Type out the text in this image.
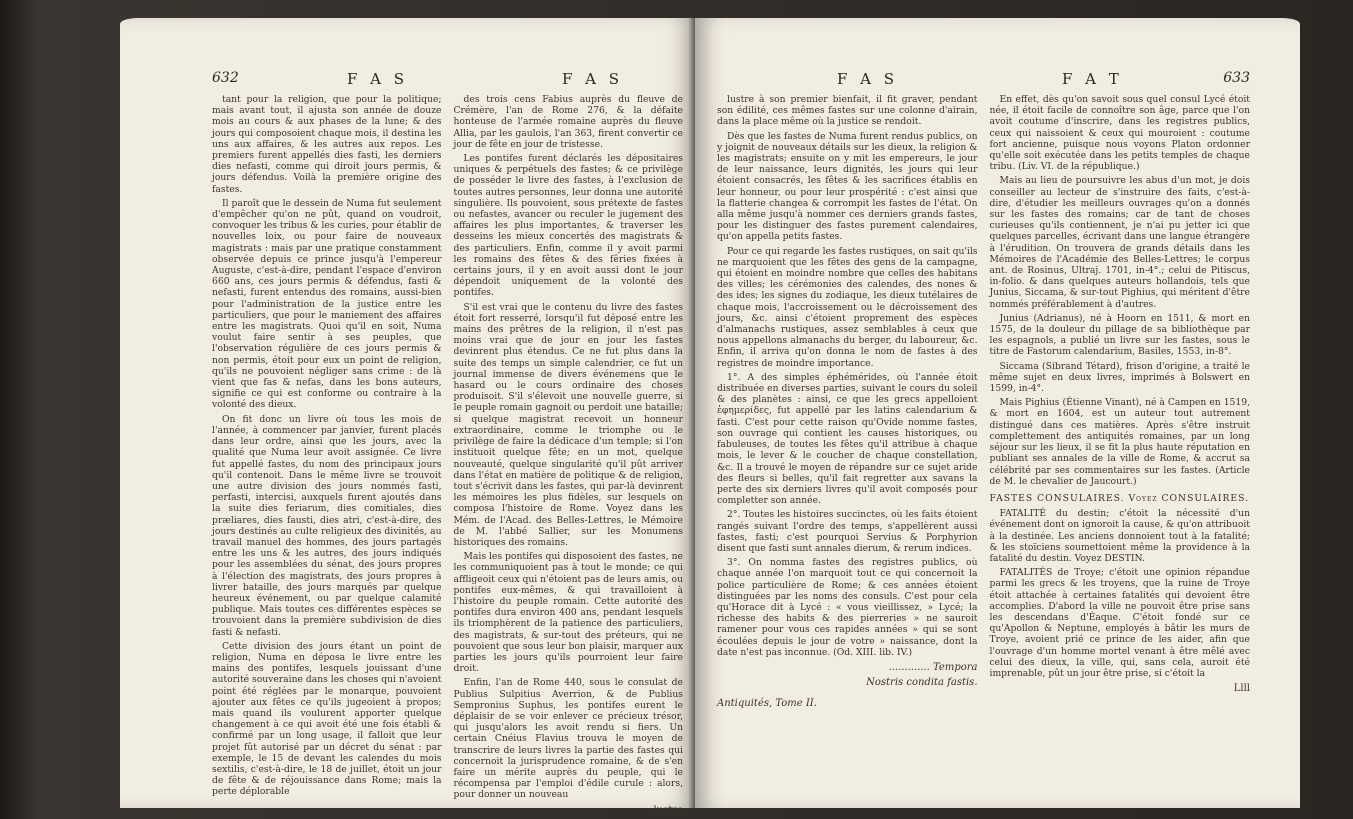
632	F A S	F A S

tant pour la religion, que pour la politique; mais avant tout, il ajusta son année de douze mois au cours & aux phases de la lune; & des jours qui composoient chaque mois, il destina les uns aux affaires, & les autres aux repos. Les premiers furent appellés dies fasti, les derniers dies nefasti, comme qui diroit jours permis, & jours défendus. Voilà la première origine des fastes.

Il paroît que le dessein de Numa fut seulement d'empêcher qu'on ne pût, quand on voudroit, convoquer les tribus & les curies, pour établir de nouvelles loix, ou pour faire de nouveaux magistrats : mais par une pratique constamment observée depuis ce prince jusqu'à l'empereur Auguste, c'est-à-dire, pendant l'espace d'environ 660 ans, ces jours permis & défendus, fasti & nefasti, furent entendus des romains, aussi-bien pour l'administration de la justice entre les particuliers, que pour le maniement des affaires entre les magistrats. Quoi qu'il en soit, Numa voulut faire sentir à ses peuples, que l'observation régulière de ces jours permis & non permis, étoit pour eux un point de religion, qu'ils ne pouvoient négliger sans crime : de là vient que fas & nefas, dans les bons auteurs, signifie ce qui est conforme ou contraire à la volonté des dieux.

On fit donc un livre où tous les mois de l'année, à commencer par janvier, furent placés dans leur ordre, ainsi que les jours, avec la qualité que Numa leur avoit assignée. Ce livre fut appellé fastes, du nom des principaux jours qu'il contenoit. Dans le même livre se trouvoit une autre division des jours nommés fasti, perfasti, intercisi, auxquels furent ajoutés dans la suite dies feriarum, dies comitiales, dies præliares, dies fausti, dies atri, c'est-à-dire, des jours destinés au culte religieux des divinités, au travail manuel des hommes, des jours partagés entre les uns & les autres, des jours indiqués pour les assemblées du sénat, des jours propres à l'élection des magistrats, des jours propres à livrer bataille, des jours marqués par quelque heureux événement, ou par quelque calamité publique. Mais toutes ces différentes espèces se trouvoient dans la première subdivision de dies fasti & nefasti.

Cette division des jours étant un point de religion, Numa en déposa le livre entre les mains des pontifes, lesquels jouissant d'une autorité souveraine dans les choses qui n'avoient point été réglées par le monarque, pouvoient ajouter aux fêtes ce qu'ils jugeoient à propos; mais quand ils voulurent apporter quelque changement à ce qui avoit été une fois établi & confirmé par un long usage, il falloit que leur projet fût autorisé par un décret du sénat : par exemple, le 15 de devant les calendes du mois sextilis, c'est-à-dire, le 18 de juillet, étoit un jour de fête & de réjouissance dans Rome; mais la perte déplorable

des trois cens Fabius auprès du fleuve de Crémère, l'an de Rome 276, & la défaite honteuse de l'armée romaine auprès du fleuve Allia, par les gaulois, l'an 363, firent convertir ce jour de fête en jour de tristesse.

Les pontifes furent déclarés les dépositaires uniques & perpétuels des fastes; & ce privilège de posséder le livre des fastes, à l'exclusion de toutes autres personnes, leur donna une autorité singulière. Ils pouvoient, sous prétexte de fastes ou nefastes, avancer ou reculer le jugement des affaires les plus importantes, & traverser les desseins les mieux concertés des magistrats & des particuliers. Enfin, comme il y avoit parmi les romains des fêtes & des fêries fixées à certains jours, il y en avoit aussi dont le jour dépendoit uniquement de la volonté des pontifes.

S'il est vrai que le contenu du livre des fastes étoit fort resserré, lorsqu'il fut déposé entre les mains des prêtres de la religion, il n'est pas moins vrai que de jour en jour les fastes devinrent plus étendus. Ce ne fut plus dans la suite des temps un simple calendrier, ce fut un journal immense de divers événemens que le hasard ou le cours ordinaire des choses produisoit. S'il s'élevoit une nouvelle guerre, si le peuple romain gagnoit ou perdoit une bataille; si quelque magistrat recevoit un honneur extraordinaire, comme le triomphe ou le privilège de faire la dédicace d'un temple; si l'on instituoit quelque fête; en un mot, quelque nouveauté, quelque singularité qu'il pût arriver dans l'état en matière de politique & de religion, tout s'écrivit dans les fastes, qui par-là devinrent les mémoires les plus fidèles, sur lesquels on composa l'histoire de Rome. Voyez dans les Mém. de l'Acad. des Belles-Lettres, le Mémoire de M. l'abbé Sallier, sur les Monumens historiques des romains.

Mais les pontifes qui disposoient des fastes, ne les communiquoient pas à tout le monde; ce qui affligeoit ceux qui n'étoient pas de leurs amis, ou pontifes eux-mêmes, & qui travailloient à l'histoire du peuple romain. Cette autorité des pontifes dura environ 400 ans, pendant lesquels ils triomphèrent de la patience des particuliers, des magistrats, & sur-tout des préteurs, qui ne pouvoient que sous leur bon plaisir, marquer aux parties les jours qu'ils pourroient leur faire droit.

Enfin, l'an de Rome 440, sous le consulat de Publius Sulpitius Averrion, & de Publius Sempronius Suphus, les pontifes eurent le déplaisir de se voir enlever ce précieux trésor, qui jusqu'alors les avoit rendu si fiers. Un certain Cnéius Flavius trouva le moyen de transcrire de leurs livres la partie des fastes qui concernoit la jurisprudence romaine, & de s'en faire un mérite auprès du peuple, qui le récompensa par l'emploi d'édile curule : alors, pour donner un nouveau

lustre
F A S	F A T	633

lustre à son premier bienfait, il fit graver, pendant son édilité, ces mêmes fastes sur une colonne d'airain, dans la place même où la justice se rendoit.

Dès que les fastes de Numa furent rendus publics, on y joignit de nouveaux détails sur les dieux, la religion & les magistrats; ensuite on y mit les empereurs, le jour de leur naissance, leurs dignités, les jours qui leur étoient consacrés, les fêtes & les sacrifices établis en leur honneur, ou pour leur prospérité : c'est ainsi que la flatterie changea & corrompit les fastes de l'état. On alla même jusqu'à nommer ces derniers grands fastes, pour les distinguer des fastes purement calendaires, qu'on appella petits fastes.

Pour ce qui regarde les fastes rustiques, on sait qu'ils ne marquoient que les fêtes des gens de la campagne, qui étoient en moindre nombre que celles des habitans des villes; les cérémonies des calendes, des nones & des ides; les signes du zodiaque, les dieux tutélaires de chaque mois, l'accroissement ou le décroissement des jours, &c. ainsi c'étoient proprement des espèces d'almanachs rustiques, assez semblables à ceux que nous appellons almanachs du berger, du laboureur, &c. Enfin, il arriva qu'on donna le nom de fastes à des registres de moindre importance.

1°. A des simples éphémérides, où l'année étoit distribuée en diverses parties, suivant le cours du soleil & des planètes : ainsi, ce que les grecs appelloient ἐφημερίδες, fut appellé par les latins calendarium & fasti. C'est pour cette raison qu'Ovide nomme fastes, son ouvrage qui contient les causes historiques, ou fabuleuses, de toutes les fêtes qu'il attribue à chaque mois, le lever & le coucher de chaque constellation, &c. Il a trouvé le moyen de répandre sur ce sujet aride des fleurs si belles, qu'il fait regretter aux savans la perte des six derniers livres qu'il avoit composés pour completter son année.

2°. Toutes les histoires succinctes, où les faits étoient rangés suivant l'ordre des temps, s'appellèrent aussi fastes, fasti; c'est pourquoi Servius & Porphyrion disent que fasti sunt annales dierum, & rerum indices.

3°. On nomma fastes des registres publics, où chaque année l'on marquoit tout ce qui concernoit la police particulière de Rome; & ces années étoient distinguées par les noms des consuls. C'est pour cela qu'Horace dit à Lycé : « vous vieillissez, » Lycé; la richesse des habits & des pierreries » ne sauroit ramener pour vous ces rapides années » qui se sont écoulées depuis le jour de votre » naissance, dont la date n'est pas inconnue. (Od. XIII. lib. IV.)

............. Tempora
Nostris condita fastis.
Antiquités, Tome II.

En effet, dès qu'on savoit sous quel consul Lycé étoit née, il étoit facile de connoître son âge, parce que l'on avoit coutume d'inscrire, dans les registres publics, ceux qui naissoient & ceux qui mouroient : coutume fort ancienne, puisque nous voyons Platon ordonner qu'elle soit exécutée dans les petits temples de chaque tribu. (Liv. VI. de la république.)

Mais au lieu de poursuivre les abus d'un mot, je dois conseiller au lecteur de s'instruire des faits, c'est-à-dire, d'étudier les meilleurs ouvrages qu'on a donnés sur les fastes des romains; car de tant de choses curieuses qu'ils contiennent, je n'ai pu jetter ici que quelques parcelles, écrivant dans une langue étrangère à l'érudition. On trouvera de grands détails dans les Mémoires de l'Académie des Belles-Lettres; le corpus ant. de Rosinus, Ultraj. 1701, in-4°.; celui de Pitiscus, in-folio. & dans quelques auteurs hollandois, tels que Junius, Siccama, & sur-tout Pighius, qui méritent d'être nommés préférablement à d'autres.

Junius (Adrianus), né à Hoorn en 1511, & mort en 1575, de la douleur du pillage de sa bibliothèque par les espagnols, a publié un livre sur les fastes, sous le titre de Fastorum calendarium, Basiles, 1553, in-8°.

Siccama (Sibrand Tétard), frison d'origine, a traité le même sujet en deux livres, imprimés à Bolswert en 1599, in-4°.

Mais Pighius (Étienne Vinant), né à Campen en 1519, & mort en 1604, est un auteur tout autrement distingué dans ces matières. Après s'être instruit complettement des antiquités romaines, par un long séjour sur les lieux, il se fit la plus haute réputation en publiant ses annales de la ville de Rome, & accrut sa célébrité par ses commentaires sur les fastes. (Article de M. le chevalier de Jaucourt.)

FASTES CONSULAIRES. Voyez CONSULAIRES.

FATALITÉ du destin; c'étoit la nécessité d'un événement dont on ignoroit la cause, & qu'on attribuoit à la destinée. Les anciens donnoient tout à la fatalité; & les stoïciens soumettoient même la providence à la fatalité du destin. Voyez DESTIN.

FATALITÉS de Troye; c'étoit une opinion répandue parmi les grecs & les troyens, que la ruine de Troye étoit attachée à certaines fatalités qui devoient être accomplies. D'abord la ville ne pouvoit être prise sans les descendans d'Éaque. C'étoit fondé sur ce qu'Apollon & Neptune, employés à bâtir les murs de Troye, avoient prié ce prince de les aider, afin que l'ouvrage d'un homme mortel venant à être mêlé avec celui des dieux, la ville, qui, sans cela, auroit été imprenable, pût un jour être prise, si c'étoit la

Llll
